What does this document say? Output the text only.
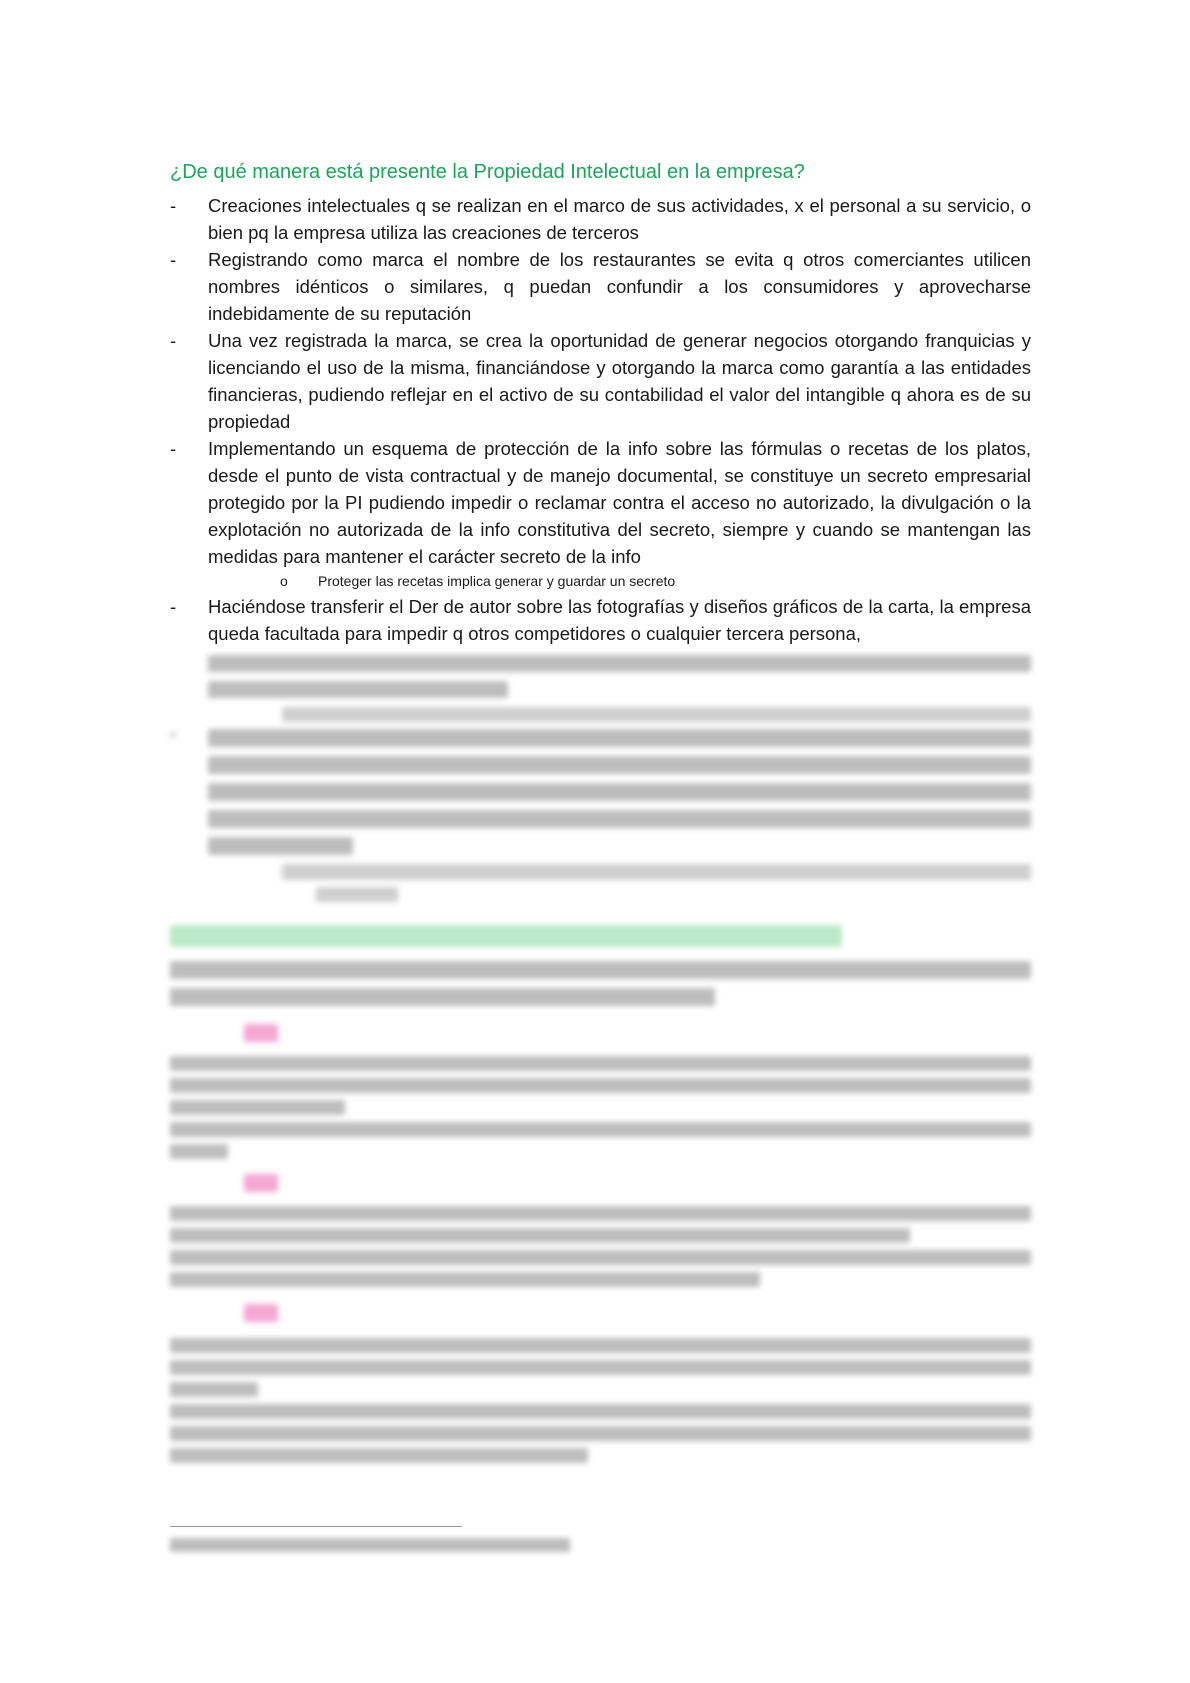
¿De qué manera está presente la Propiedad Intelectual en la empresa?
- Creaciones intelectuales q se realizan en el marco de sus actividades, x el personal a su servicio, o bien pq la empresa utiliza las creaciones de terceros
- Registrando como marca el nombre de los restaurantes se evita q otros comerciantes utilicen nombres idénticos o similares, q puedan confundir a los consumidores y aprovecharse indebidamente de su reputación
- Una vez registrada la marca, se crea la oportunidad de generar negocios otorgando franquicias y licenciando el uso de la misma, financiándose y otorgando la marca como garantía a las entidades financieras, pudiendo reflejar en el activo de su contabilidad el valor del intangible q ahora es de su propiedad
- Implementando un esquema de protección de la info sobre las fórmulas o recetas de los platos, desde el punto de vista contractual y de manejo documental, se constituye un secreto empresarial protegido por la PI pudiendo impedir o reclamar contra el acceso no autorizado, la divulgación o la explotación no autorizada de la info constitutiva del secreto, siempre y cuando se mantengan las medidas para mantener el carácter secreto de la info
o Proteger las recetas implica generar y guardar un secreto
- Haciéndose transferir el Der de autor sobre las fotografías y diseños gráficos de la carta, la empresa queda facultada para impedir q otros competidores o cualquier tercera persona,
